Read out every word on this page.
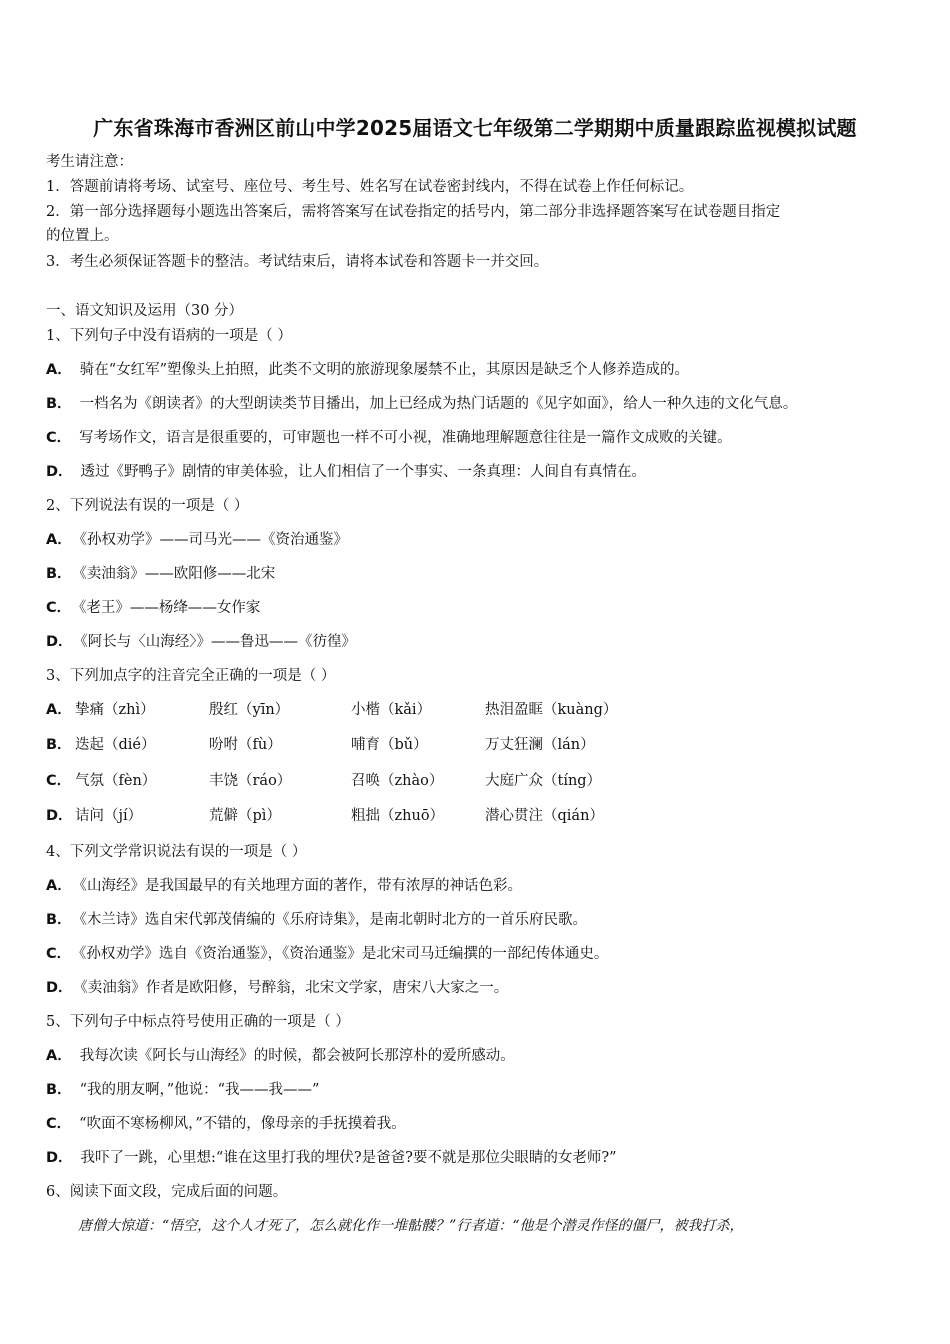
广东省珠海市香洲区前山中学2025届语文七年级第二学期期中质量跟踪监视模拟试题
考生请注意：
1．答题前请将考场、试室号、座位号、考生号、姓名写在试卷密封线内，不得在试卷上作任何标记。
2．第一部分选择题每小题选出答案后，需将答案写在试卷指定的括号内，第二部分非选择题答案写在试卷题目指定
的位置上。
3．考生必须保证答题卡的整洁。考试结束后，请将本试卷和答题卡一并交回。
一、语文知识及运用（30 分）
1、下列句子中没有语病的一项是（ ）
A． 骑在“女红军”塑像头上拍照，此类不文明的旅游现象屡禁不止，其原因是缺乏个人修养造成的。
B． 一档名为《朗读者》的大型朗读类节目播出，加上已经成为热门话题的《见字如面》，给人一种久违的文化气息。
C． 写考场作文，语言是很重要的，可审题也一样不可小视，准确地理解题意往往是一篇作文成败的关键。
D． 透过《野鸭子》剧情的审美体验，让人们相信了一个事实、一条真理：人间自有真情在。
2、下列说法有误的一项是（ ）
A． 《孙权劝学》——司马光——《资治通鉴》
B． 《卖油翁》——欧阳修——北宋
C． 《老王》——杨绛——女作家
D． 《阿长与〈山海经〉》——鲁迅——《彷徨》
3、下列加点字的注音完全正确的一项是（ ）
A． 挚痛（zhì）	殷红（yīn）	小楷（kǎi）	热泪盈眶（kuàng）
B． 迭起（dié）	吩咐（fù）	哺育（bǔ）	万丈狂澜（lán）
C． 气氛（fèn）	丰饶（ráo）	召唤（zhào）	大庭广众（tíng）
D． 诘问（jí）	荒僻（pì）	粗拙（zhuō）	潜心贯注（qián）
4、下列文学常识说法有误的一项是（ ）
A． 《山海经》是我国最早的有关地理方面的著作，带有浓厚的神话色彩。
B． 《木兰诗》选自宋代郭茂倩编的《乐府诗集》，是南北朝时北方的一首乐府民歌。
C． 《孙权劝学》选自《资治通鉴》，《资治通鉴》是北宋司马迁编撰的一部纪传体通史。
D． 《卖油翁》作者是欧阳修，号醉翁，北宋文学家，唐宋八大家之一。
5、下列句子中标点符号使用正确的一项是（ ）
A． 我每次读《阿长与山海经》的时候，都会被阿长那淳朴的爱所感动。
B． “我的朋友啊，”他说：“我——我——”
C． “吹面不寒杨柳风，”不错的，像母亲的手抚摸着我。
D． 我吓了一跳，心里想:“谁在这里打我的埋伏?是爸爸?要不就是那位尖眼睛的女老师?”
6、阅读下面文段，完成后面的问题。
唐僧大惊道：“悟空，这个人才死了，怎么就化作一堆骷髅？”行者道：“他是个潜灵作怪的僵尸，被我打杀，
